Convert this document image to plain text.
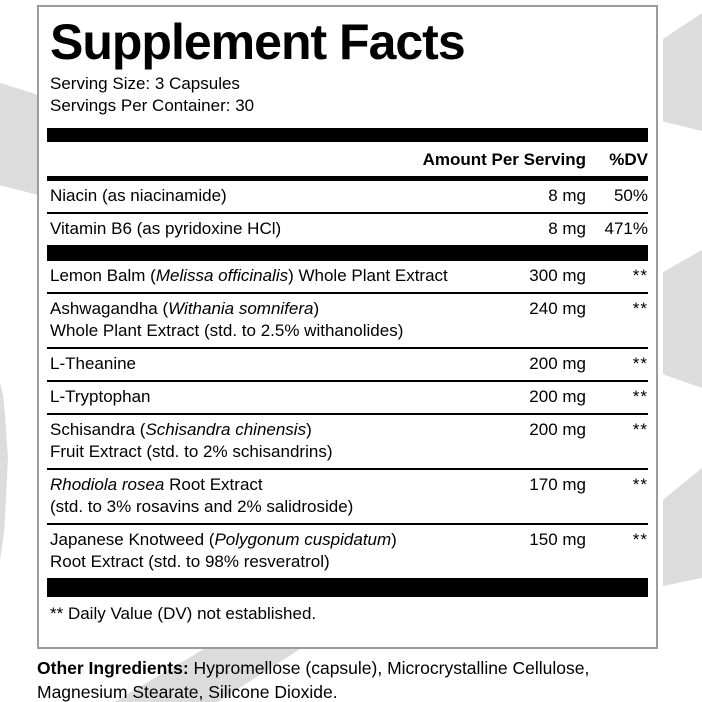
Supplement Facts
Serving Size: 3 Capsules
Servings Per Container: 30
Amount Per Serving	%DV
Niacin (as niacinamide)	8 mg	50%
Vitamin B6 (as pyridoxine HCl)	8 mg	471%
Lemon Balm (Melissa officinalis) Whole Plant Extract	300 mg	**
Ashwagandha (Withania somnifera)
Whole Plant Extract (std. to 2.5% withanolides)
240 mg	**
L-Theanine	200 mg	**
L-Tryptophan	200 mg	**
Schisandra (Schisandra chinensis)
Fruit Extract (std. to 2% schisandrins)
200 mg	**
Rhodiola rosea Root Extract
(std. to 3% rosavins and 2% salidroside)
170 mg	**
Japanese Knotweed (Polygonum cuspidatum)
Root Extract (std. to 98% resveratrol)
150 mg	**
** Daily Value (DV) not established.

Other Ingredients: Hypromellose (capsule), Microcrystalline Cellulose, Magnesium Stearate, Silicone Dioxide.
